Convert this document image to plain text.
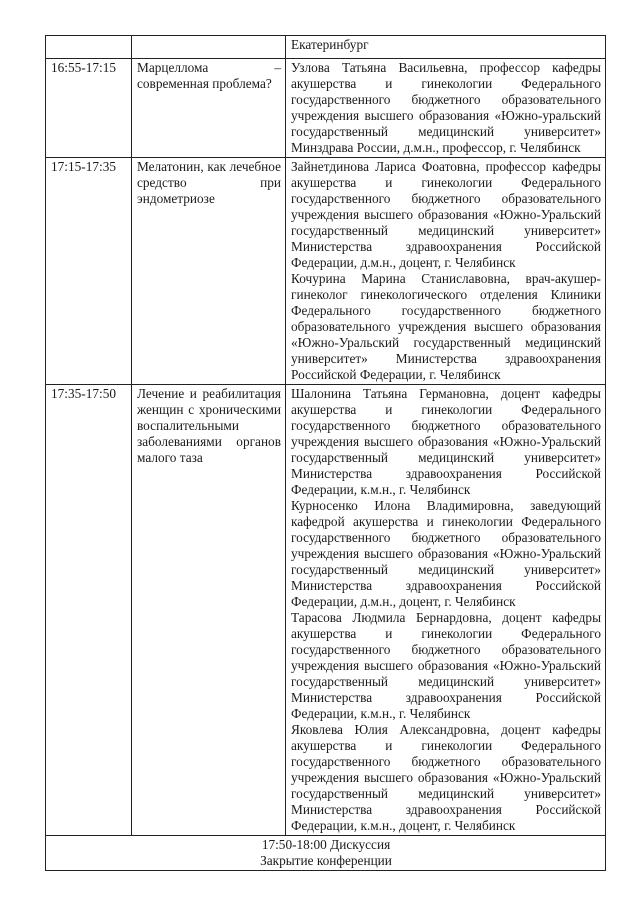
		Екатеринбург

16:55-17:15	Марцеллома – современная проблема?	Узлова Татьяна Васильевна, профессор кафедры акушерства и гинекологии Федерального государственного бюджетного образовательного учреждения высшего образования «Южно-уральский государственный медицинский университет» Минздрава России, д.м.н., профессор, г. Челябинск

17:15-17:35	Мелатонин, как лечебное средство при эндометриозе	Зайнетдинова Лариса Фоатовна, профессор кафедры акушерства и гинекологии Федерального государственного бюджетного образовательного учреждения высшего образования «Южно-Уральский государственный медицинский университет» Министерства здравоохранения Российской Федерации, д.м.н., доцент, г. Челябинск
Кочурина Марина Станиславовна, врач-акушер-гинеколог гинекологического отделения Клиники Федерального государственного бюджетного образовательного учреждения высшего образования «Южно-Уральский государственный медицинский университет» Министерства здравоохранения Российской Федерации, г. Челябинск

17:35-17:50	Лечение и реабилитация женщин с хроническими воспалительными заболеваниями органов малого таза	Шалонина Татьяна Германовна, доцент кафедры акушерства и гинекологии Федерального государственного бюджетного образовательного учреждения высшего образования «Южно-Уральский государственный медицинский университет» Министерства здравоохранения Российской Федерации, к.м.н., г. Челябинск
Курносенко Илона Владимировна, заведующий кафедрой акушерства и гинекологии Федерального государственного бюджетного образовательного учреждения высшего образования «Южно-Уральский государственный медицинский университет» Министерства здравоохранения Российской Федерации, д.м.н., доцент, г. Челябинск
Тарасова Людмила Бернардовна, доцент кафедры акушерства и гинекологии Федерального государственного бюджетного образовательного учреждения высшего образования «Южно-Уральский государственный медицинский университет» Министерства здравоохранения Российской Федерации, к.м.н., г. Челябинск
Яковлева Юлия Александровна, доцент кафедры акушерства и гинекологии Федерального государственного бюджетного образовательного учреждения высшего образования «Южно-Уральский государственный медицинский университет» Министерства здравоохранения Российской Федерации, к.м.н., доцент, г. Челябинск

17:50-18:00 Дискуссия
Закрытие конференции		
